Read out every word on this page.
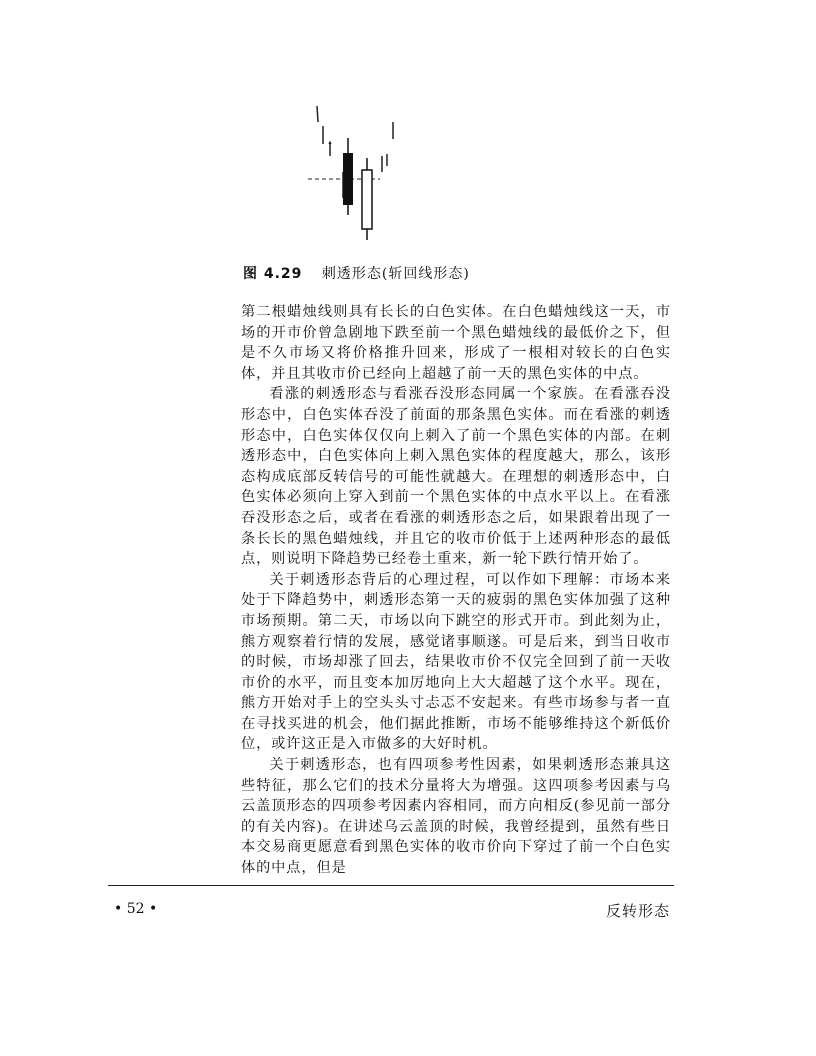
图 4.29 刺透形态(斩回线形态)

第二根蜡烛线则具有长长的白色实体。在白色蜡烛线这一天，市场的开市价曾急剧地下跌至前一个黑色蜡烛线的最低价之下，但是不久市场又将价格推升回来，形成了一根相对较长的白色实体，并且其收市价已经向上超越了前一天的黑色实体的中点。

看涨的刺透形态与看涨吞没形态同属一个家族。在看涨吞没形态中，白色实体吞没了前面的那条黑色实体。而在看涨的刺透形态中，白色实体仅仅向上刺入了前一个黑色实体的内部。在刺透形态中，白色实体向上刺入黑色实体的程度越大，那么，该形态构成底部反转信号的可能性就越大。在理想的刺透形态中，白色实体必须向上穿入到前一个黑色实体的中点水平以上。在看涨吞没形态之后，或者在看涨的刺透形态之后，如果跟着出现了一条长长的黑色蜡烛线，并且它的收市价低于上述两种形态的最低点，则说明下降趋势已经卷土重来，新一轮下跌行情开始了。

关于刺透形态背后的心理过程，可以作如下理解：市场本来处于下降趋势中，刺透形态第一天的疲弱的黑色实体加强了这种市场预期。第二天，市场以向下跳空的形式开市。到此刻为止，熊方观察着行情的发展，感觉诸事顺遂。可是后来，到当日收市的时候，市场却涨了回去，结果收市价不仅完全回到了前一天收市价的水平，而且变本加厉地向上大大超越了这个水平。现在，熊方开始对手上的空头头寸忐忑不安起来。有些市场参与者一直在寻找买进的机会，他们据此推断，市场不能够维持这个新低价位，或许这正是入市做多的大好时机。

关于刺透形态，也有四项参考性因素，如果刺透形态兼具这些特征，那么它们的技术分量将大为增强。这四项参考因素与乌云盖顶形态的四项参考因素内容相同，而方向相反(参见前一部分的有关内容)。在讲述乌云盖顶的时候，我曾经提到，虽然有些日本交易商更愿意看到黑色实体的收市价向下穿过了前一个白色实体的中点，但是

• 52 •	反转形态
